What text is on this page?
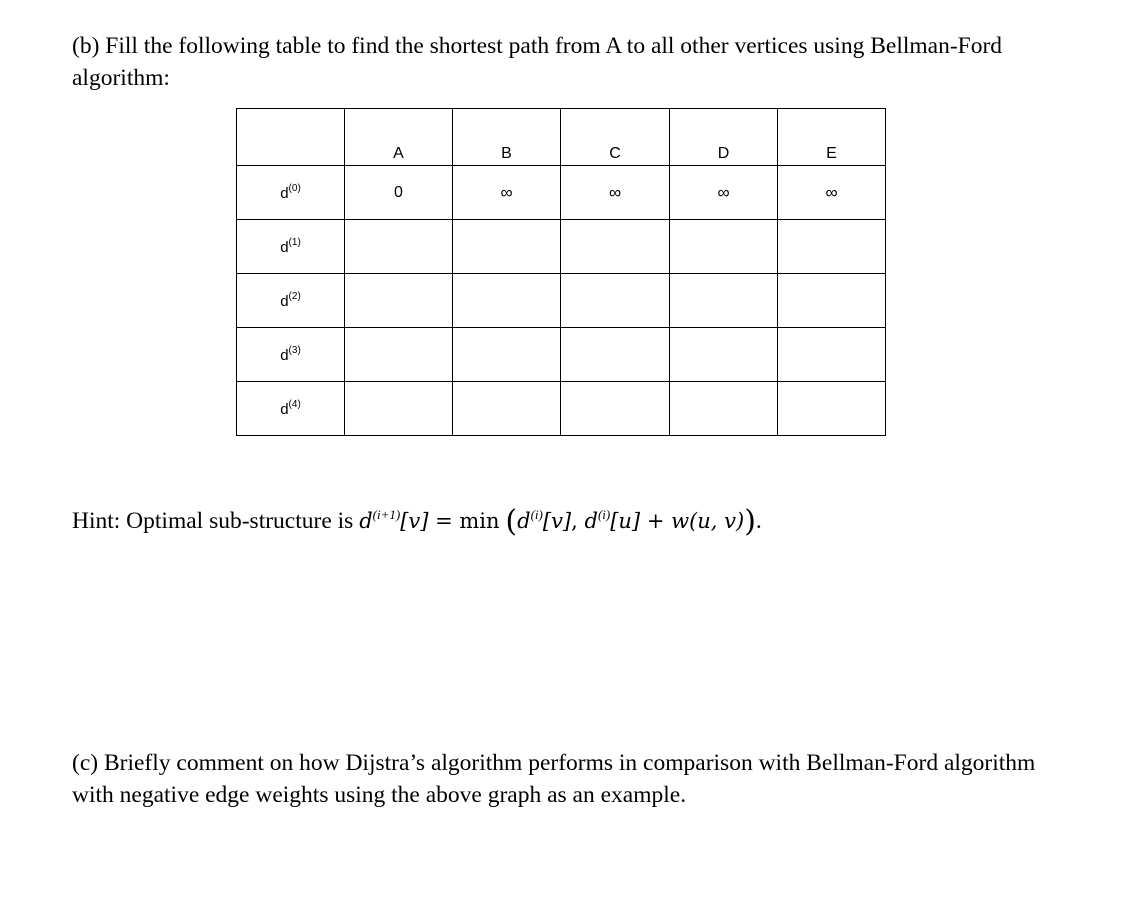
(b) Fill the following table to find the shortest path from A to all other vertices using Bellman-Ford algorithm:

	A	B	C	D	E
$d^{(0)}$	0	∞	∞	∞	∞
$d^{(1)}$					
$d^{(2)}$					
$d^{(3)}$					
$d^{(4)}$					

Hint: Optimal sub-structure is $d^{(i+1)}[v] = \min (d^{(i)}[v]$, $d^{(i)}[u] + w(u$, v)).

(c) Briefly comment on how Dijstra’s algorithm performs in comparison with Bellman-Ford algorithm with negative edge weights using the above graph as an example.
